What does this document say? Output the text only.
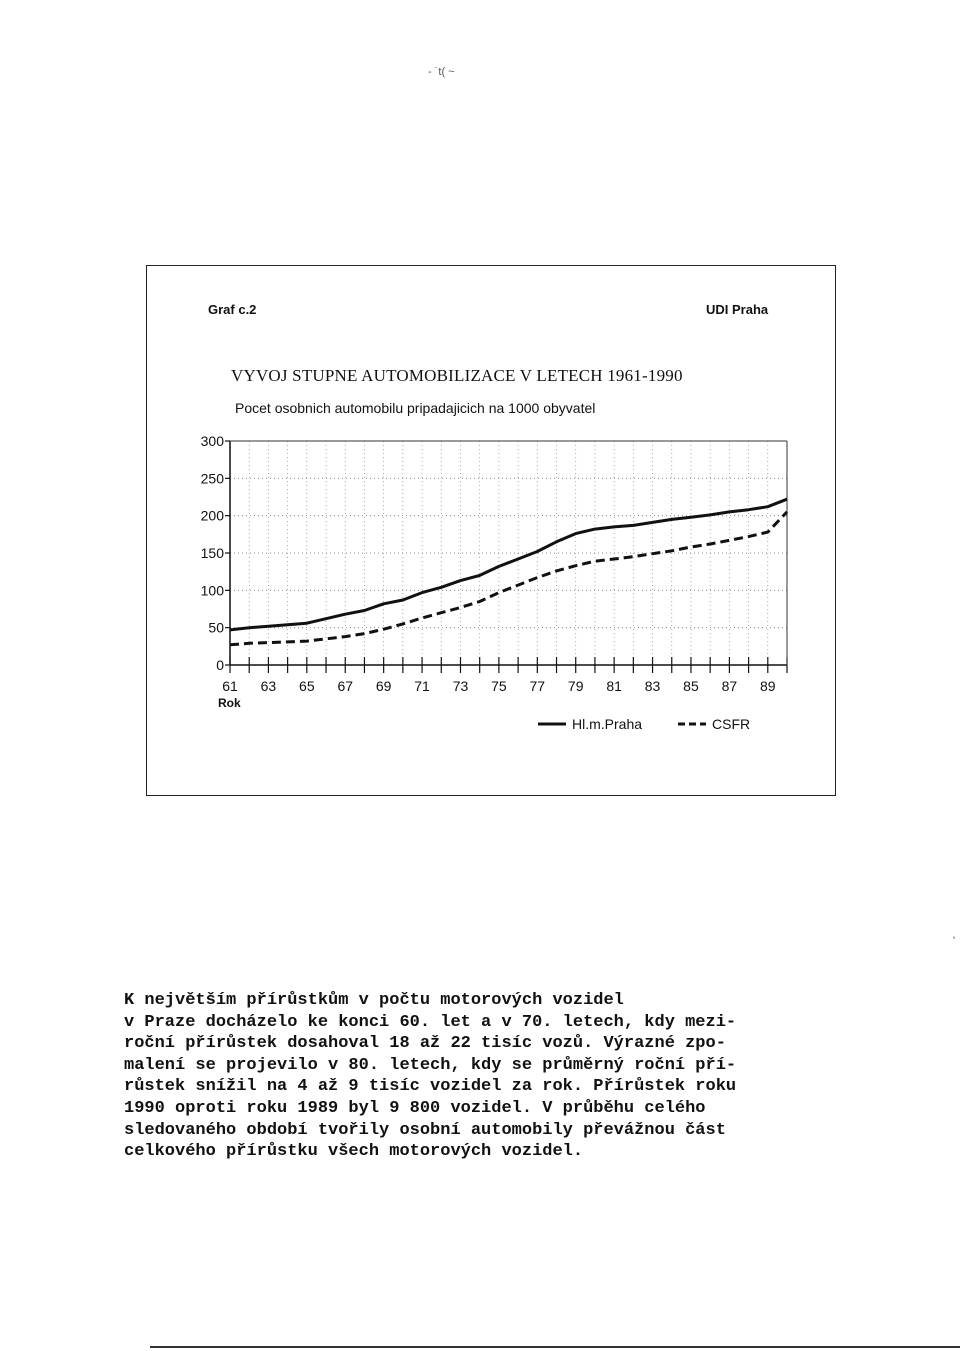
- ˙t( ~
'
Graf c.2	UDI Praha
VYVOJ STUPNE AUTOMOBILIZACE V LETECH 1961-1990
Pocet osobnich automobilu pripadajicich na 1000 obyvatel
0
50
100
150
200
250
300
61 63 65 67 69 71 73 75 77 79 81 83 85 87 89
Rok
Hl.m.Praha	CSFR
K největším přírůstkům v počtu motorových vozidel
v Praze docházelo ke konci 60. let a v 70. letech, kdy mezi-
roční přírůstek dosahoval 18 až 22 tisíc vozů. Výrazné zpo-
malení se projevilo v 80. letech, kdy se průměrný roční pří-
růstek snížil na 4 až 9 tisíc vozidel za rok. Přírůstek roku
1990 oproti roku 1989 byl 9 800 vozidel. V průběhu celého
sledovaného období tvořily osobní automobily převážnou část
celkového přírůstku všech motorových vozidel.
